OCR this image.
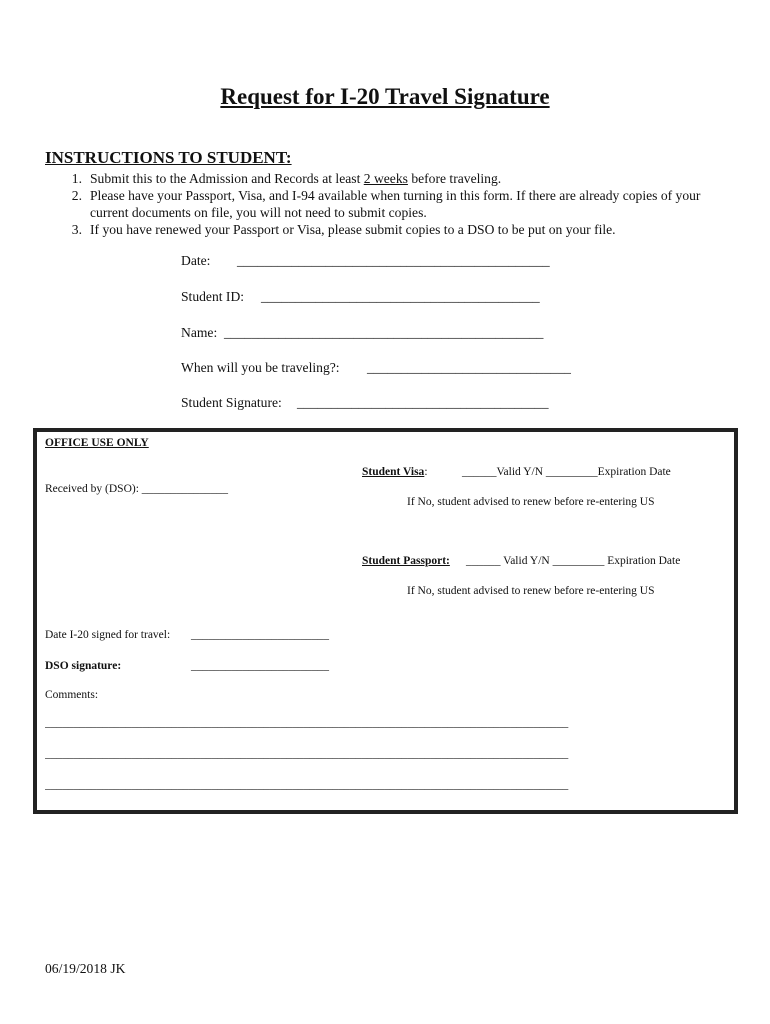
Request for I-20 Travel Signature
INSTRUCTIONS TO STUDENT:
1. Submit this to the Admission and Records at least 2 weeks before traveling.
2. Please have your Passport, Visa, and I-94 available when turning in this form. If there are already copies of your current documents on file, you will not need to submit copies.
3. If you have renewed your Passport or Visa, please submit copies to a DSO to be put on your file.
Date: ______________________________________________
Student ID: _________________________________________
Name: _______________________________________________
When will you be traveling?: ______________________________
Student Signature: _____________________________________
OFFICE USE ONLY
Student Visa:	______Valid Y/N _________Expiration Date
Received by (DSO): _______________
If No, student advised to renew before re-entering US
Student Passport: ______ Valid Y/N _________ Expiration Date
If No, student advised to renew before re-entering US
Date I-20 signed for travel: ________________________
DSO signature:	________________________
Comments:
___________________________________________________________________________________________
___________________________________________________________________________________________
___________________________________________________________________________________________
06/19/2018 JK
